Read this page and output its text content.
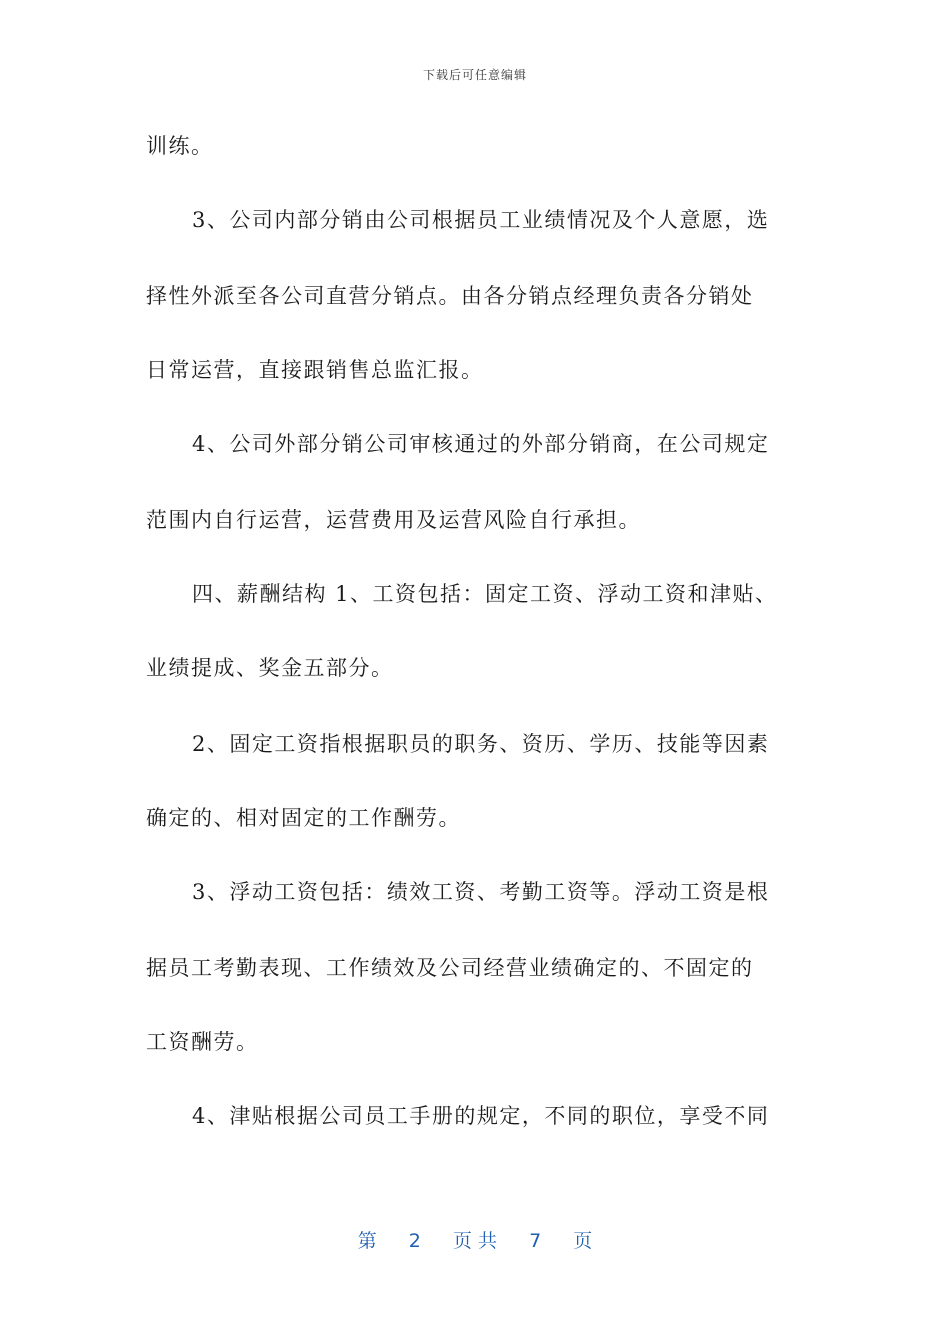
下载后可任意编辑
训练。
3、公司内部分销由公司根据员工业绩情况及个人意愿，选
择性外派至各公司直营分销点。由各分销点经理负责各分销处
日常运营，直接跟销售总监汇报。
4、公司外部分销公司审核通过的外部分销商，在公司规定
范围内自行运营，运营费用及运营风险自行承担。
四、薪酬结构 1、工资包括：固定工资、浮动工资和津贴、
业绩提成、奖金五部分。
2、固定工资指根据职员的职务、资历、学历、技能等因素
确定的、相对固定的工作酬劳。
3、浮动工资包括：绩效工资、考勤工资等。浮动工资是根
据员工考勤表现、工作绩效及公司经营业绩确定的、不固定的
工资酬劳。
4、津贴根据公司员工手册的规定，不同的职位，享受不同
第 2 页 共 7 页
